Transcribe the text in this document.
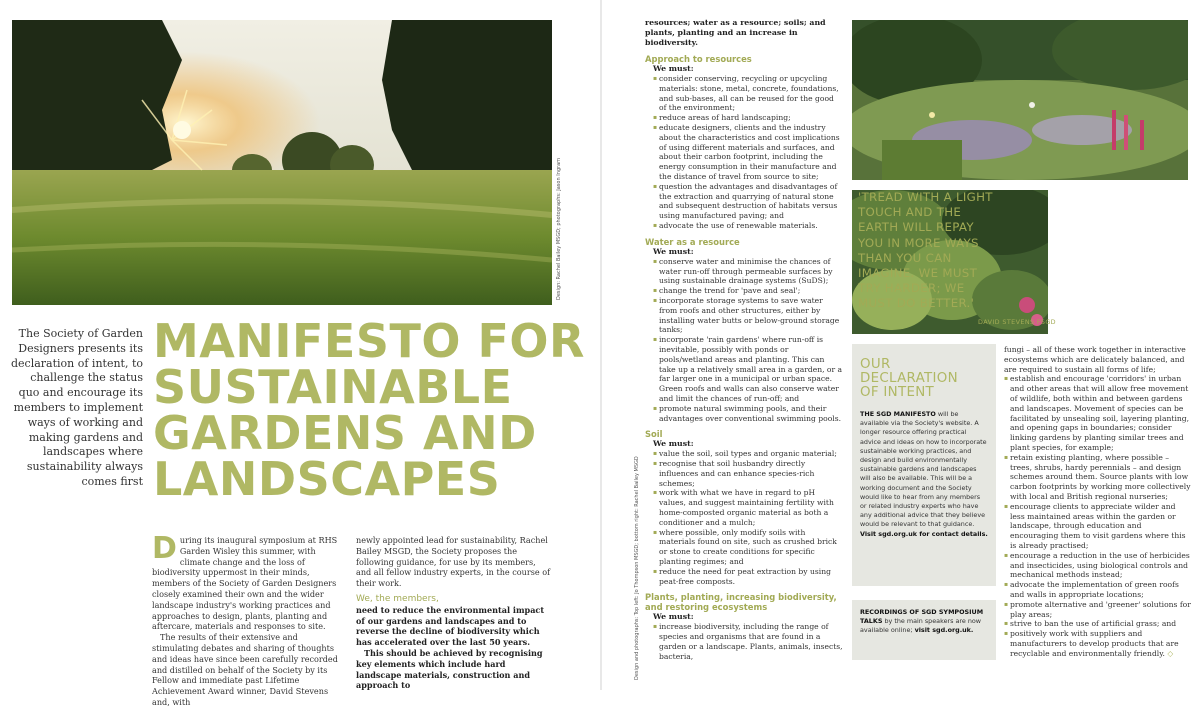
Design: Rachel Bailey MSGD; photographs: Jason Ingram
The Society of Garden Designers presents its declaration of intent, to challenge the status quo and encourage its members to implement ways of working and making gardens and landscapes where sustainability always comes first
MANIFESTO FOR
SUSTAINABLE
GARDENS AND
LANDSCAPES
D uring its inaugural symposium at RHS Garden Wisley this summer, with climate change and the loss of biodiversity uppermost in their minds, members of the Society of Garden Designers closely examined their own and the wider landscape industry's working practices and approaches to design, plants, planting and aftercare, materials and responses to site.
The results of their extensive and stimulating debates and sharing of thoughts and ideas have since been carefully recorded and distilled on behalf of the Society by its Fellow and immediate past Lifetime Achievement Award winner, David Stevens and, with
newly appointed lead for sustainability, Rachel Bailey MSGD, the Society proposes the following guidance, for use by its members, and all fellow industry experts, in the course of their work.
We, the members,
need to reduce the environmental impact of our gardens and landscapes and to reverse the decline of biodiversity which has accelerated over the last 50 years.
This should be achieved by recognising key elements which include hard landscape materials, construction and approach to
Design and photographs: Top left: Jo Thompson MSGD; bottom right: Rachel Bailey MSGD
resources; water as a resource; soils; and plants, planting and an increase in biodiversity.
Approach to resources
We must:
▪ consider conserving, recycling or upcycling materials: stone, metal, concrete, foundations, and sub-bases, all can be reused for the good of the environment;
▪ reduce areas of hard landscaping;
▪ educate designers, clients and the industry about the characteristics and cost implications of using different materials and surfaces, and about their carbon footprint, including the energy consumption in their manufacture and the distance of travel from source to site;
▪ question the advantages and disadvantages of the extraction and quarrying of natural stone and subsequent destruction of habitats versus using manufactured paving; and
▪ advocate the use of renewable materials.
Water as a resource
We must:
▪ conserve water and minimise the chances of water run-off through permeable surfaces by using sustainable drainage systems (SuDS);
▪ change the trend for 'pave and seal';
▪ incorporate storage systems to save water from roofs and other structures, either by installing water butts or below-ground storage tanks;
▪ incorporate 'rain gardens' where run-off is inevitable, possibly with ponds or pools/wetland areas and planting. This can take up a relatively small area in a garden, or a far larger one in a municipal or urban space. Green roofs and walls can also conserve water and limit the chances of run-off; and
▪ promote natural swimming pools, and their advantages over conventional swimming pools.
Soil
We must:
▪ value the soil, soil types and organic material;
▪ recognise that soil husbandry directly influences and can enhance species-rich schemes;
▪ work with what we have in regard to pH values, and suggest maintaining fertility with home-composted organic material as both a conditioner and a mulch;
▪ where possible, only modify soils with materials found on site, such as crushed brick or stone to create conditions for specific planting regimes; and
▪ reduce the need for peat extraction by using peat-free composts.
Plants, planting, increasing biodiversity, and restoring ecosystems
We must:
▪ increase biodiversity, including the range of species and organisms that are found in a garden or a landscape. Plants, animals, insects, bacteria,
'TREAD WITH A LIGHT TOUCH AND THE EARTH WILL REPAY YOU IN MORE WAYS THAN YOU CAN IMAGINE. WE MUST TRY HARDER; WE MUST DO BETTER.'
DAVID STEVENS FSGD
OUR
DECLARATION
OF INTENT
THE SGD MANIFESTO will be available via the Society's website. A longer resource offering practical advice and ideas on how to incorporate sustainable working practices, and design and build environmentally sustainable gardens and landscapes will also be available. This will be a working document and the Society would like to hear from any members or related industry experts who have any additional advice that they believe would be relevant to that guidance. Visit sgd.org.uk for contact details.
RECORDINGS OF SGD SYMPOSIUM TALKS by the main speakers are now available online; visit sgd.org.uk.
fungi – all of these work together in interactive ecosystems which are delicately balanced, and are required to sustain all forms of life;
▪ establish and encourage 'corridors' in urban and other areas that will allow free movement of wildlife, both within and between gardens and landscapes. Movement of species can be facilitated by unsealing soil, layering planting, and opening gaps in boundaries; consider linking gardens by planting similar trees and plant species, for example;
▪ retain existing planting, where possible – trees, shrubs, hardy perennials – and design schemes around them. Source plants with low carbon footprints by working more collectively with local and British regional nurseries;
▪ encourage clients to appreciate wilder and less maintained areas within the garden or landscape, through education and encouraging them to visit gardens where this is already practised;
▪ encourage a reduction in the use of herbicides and insecticides, using biological controls and mechanical methods instead;
▪ advocate the implementation of green roofs and walls in appropriate locations;
▪ promote alternative and 'greener' solutions for play areas;
▪ strive to ban the use of artificial grass; and
▪ positively work with suppliers and manufacturers to develop products that are recyclable and environmentally friendly. ◇
